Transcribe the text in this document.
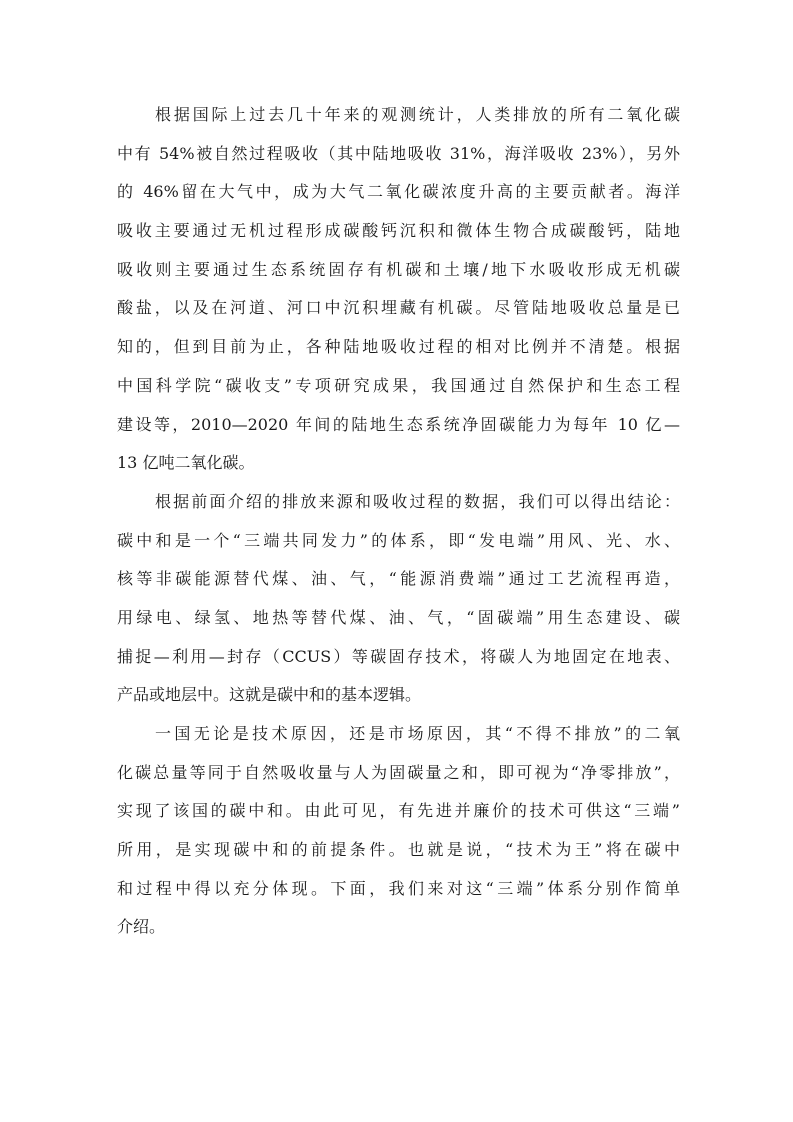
根据国际上过去几十年来的观测统计，人类排放的所有二氧化碳
中有 54%被自然过程吸收（其中陆地吸收 31%，海洋吸收 23%），另外
的 46%留在大气中，成为大气二氧化碳浓度升高的主要贡献者。海洋
吸收主要通过无机过程形成碳酸钙沉积和微体生物合成碳酸钙，陆地
吸收则主要通过生态系统固存有机碳和土壤/地下水吸收形成无机碳
酸盐，以及在河道、河口中沉积埋藏有机碳。尽管陆地吸收总量是已
知的，但到目前为止，各种陆地吸收过程的相对比例并不清楚。根据
中国科学院“碳收支”专项研究成果，我国通过自然保护和生态工程
建设等，2010—2020 年间的陆地生态系统净固碳能力为每年 10 亿—
13 亿吨二氧化碳。
根据前面介绍的排放来源和吸收过程的数据，我们可以得出结论：
碳中和是一个“三端共同发力”的体系，即“发电端”用风、光、水、
核等非碳能源替代煤、油、气，“能源消费端”通过工艺流程再造，
用绿电、绿氢、地热等替代煤、油、气，“固碳端”用生态建设、碳
捕捉—利用—封存（CCUS）等碳固存技术，将碳人为地固定在地表、
产品或地层中。这就是碳中和的基本逻辑。
一国无论是技术原因，还是市场原因，其“不得不排放”的二氧
化碳总量等同于自然吸收量与人为固碳量之和，即可视为“净零排放”，
实现了该国的碳中和。由此可见，有先进并廉价的技术可供这“三端”
所用，是实现碳中和的前提条件。也就是说，“技术为王”将在碳中
和过程中得以充分体现。下面，我们来对这“三端”体系分别作简单
介绍。
